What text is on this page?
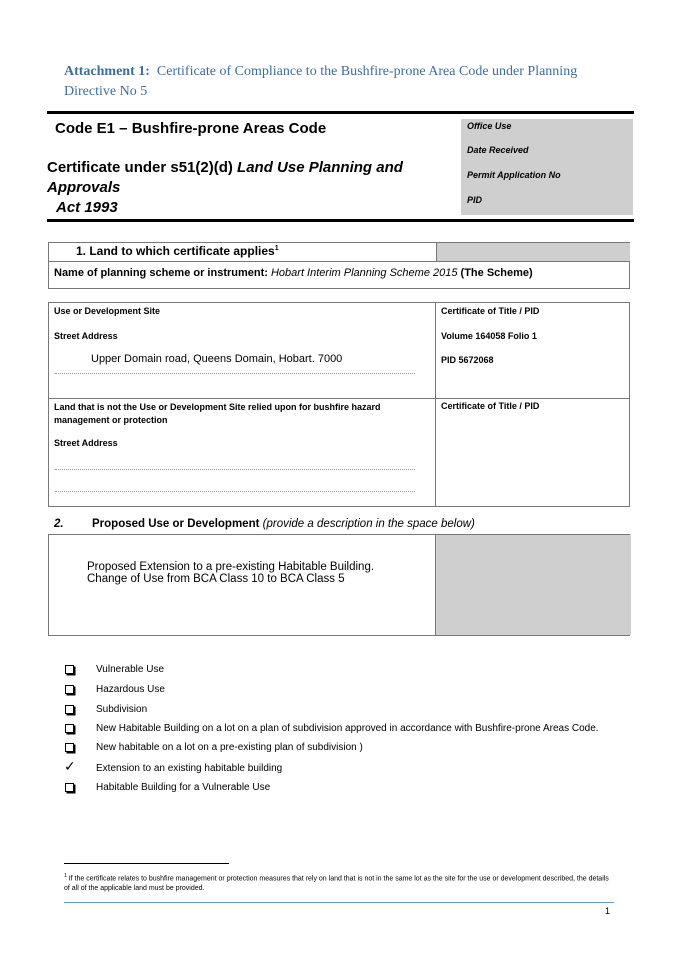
Attachment 1: Certificate of Compliance to the Bushfire-prone Area Code under Planning Directive No 5
Code E1 – Bushfire-prone Areas Code
Certificate under s51(2)(d) Land Use Planning and Approvals
Act 1993
Office Use
Date Received
Permit Application No
PID
1. Land to which certificate applies$^1$
Name of planning scheme or instrument: Hobart Interim Planning Scheme 2015 (The Scheme)
Use or Development Site
Street Address
Upper Domain road, Queens Domain, Hobart. 7000
Certificate of Title / PID
Volume 164058 Folio 1
PID 5672068
Land that is not the Use or Development Site relied upon for bushfire hazard management or protection
Street Address
Certificate of Title / PID
2. Proposed Use or Development (provide a description in the space below)
Proposed Extension to a pre-existing Habitable Building.
Change of Use from BCA Class 10 to BCA Class 5
Vulnerable Use
Hazardous Use
Subdivision
New Habitable Building on a lot on a plan of subdivision approved in accordance with Bushfire-prone Areas Code.
New habitable on a lot on a pre-existing plan of subdivision )
✓ Extension to an existing habitable building
Habitable Building for a Vulnerable Use
$^1$ If the certificate relates to bushfire management or protection measures that rely on land that is not in the same lot as the site for the use or development described, the details of all of the applicable land must be provided.
1
